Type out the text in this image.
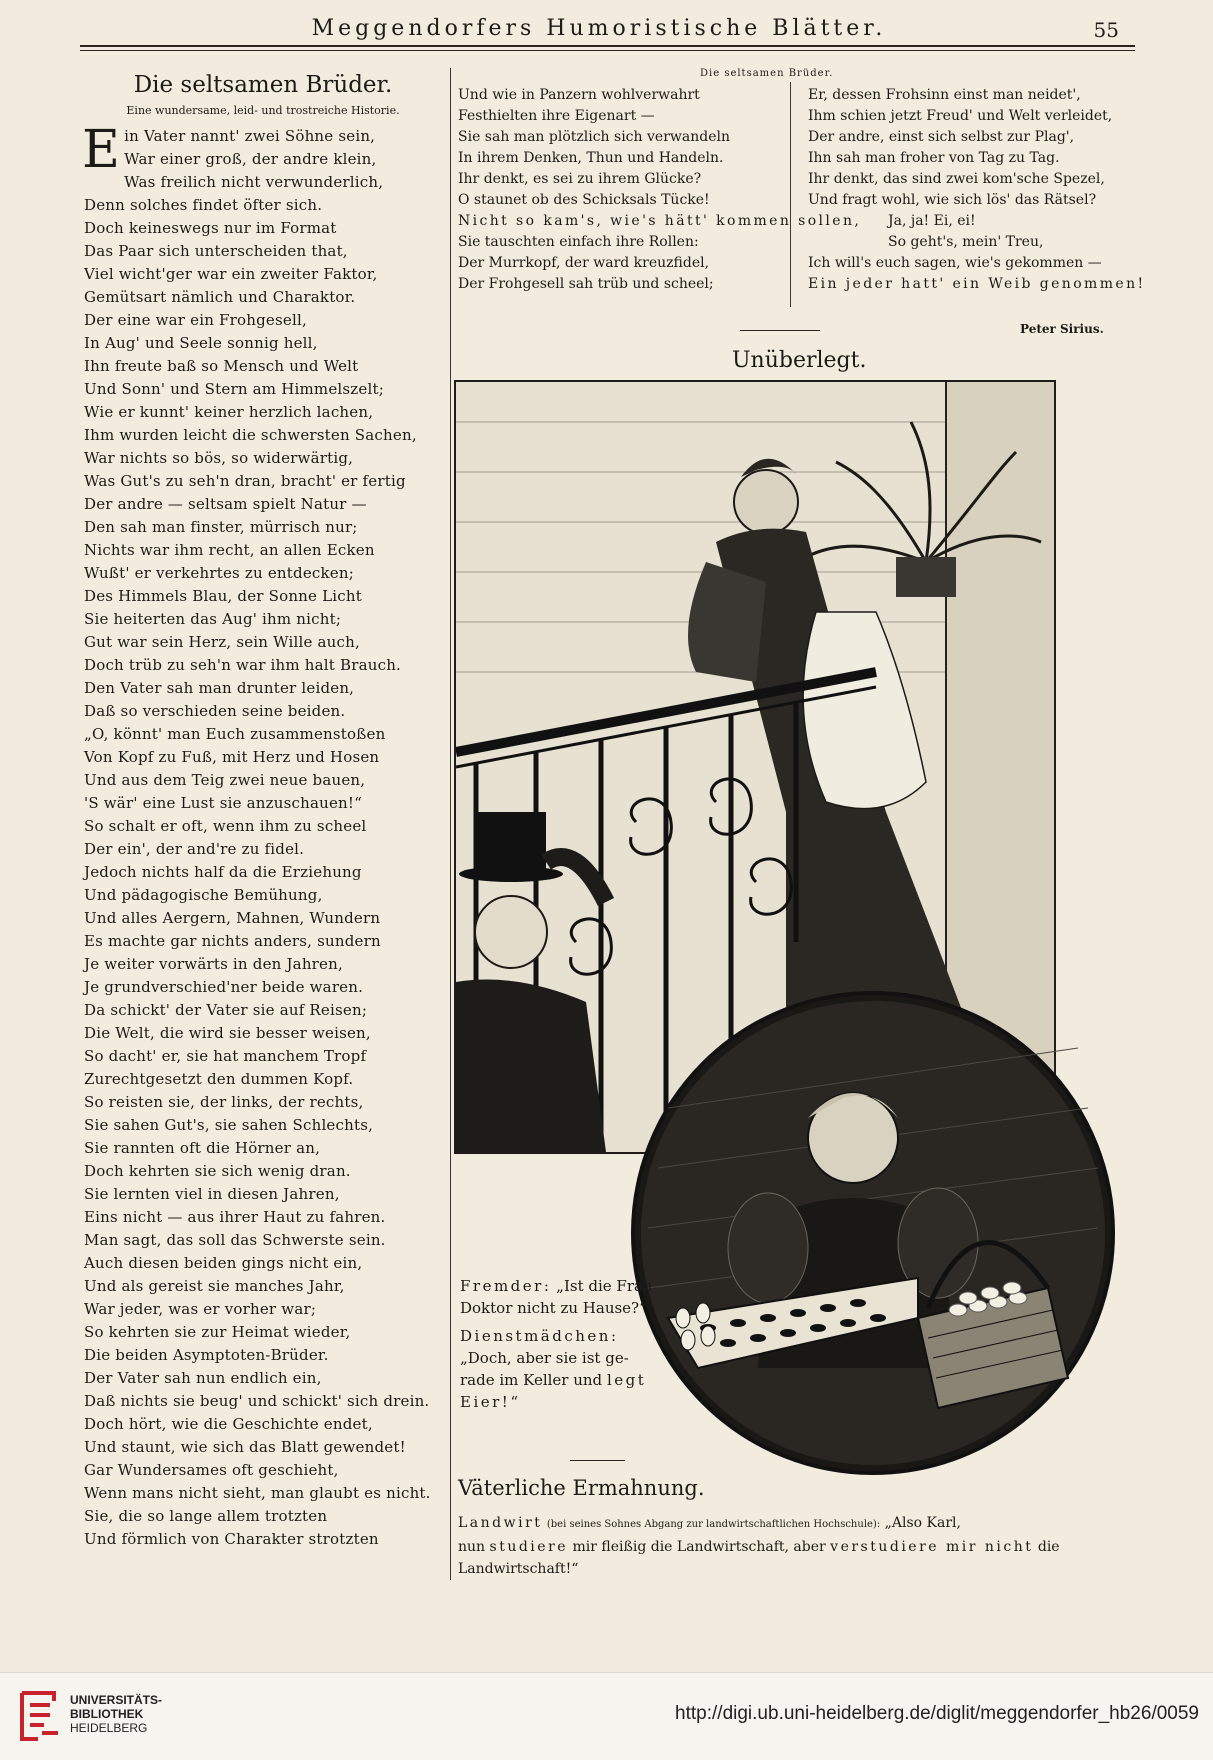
Meggendorfers Humoristische Blätter.	55
Die seltsamen Brüder.
Eine wundersame, leid- und trostreiche Historie.
Ein Vater nannt' zwei Söhne sein,
War einer groß, der andre klein,
Was freilich nicht verwunderlich,
Denn solches findet öfter sich.
Doch keineswegs nur im Format
Das Paar sich unterscheiden that,
Viel wicht'ger war ein zweiter Faktor,
Gemütsart nämlich und Charaktor.
Der eine war ein Frohgesell,
In Aug' und Seele sonnig hell,
Ihn freute baß so Mensch und Welt
Und Sonn' und Stern am Himmelszelt;
Wie er kunnt' keiner herzlich lachen,
Ihm wurden leicht die schwersten Sachen,
War nichts so bös, so widerwärtig,
Was Gut's zu seh'n dran, bracht' er fertig
Der andre — seltsam spielt Natur —
Den sah man finster, mürrisch nur;
Nichts war ihm recht, an allen Ecken
Wußt' er verkehrtes zu entdecken;
Des Himmels Blau, der Sonne Licht
Sie heiterten das Aug' ihm nicht;
Gut war sein Herz, sein Wille auch,
Doch trüb zu seh'n war ihm halt Brauch.
Den Vater sah man drunter leiden,
Daß so verschieden seine beiden.
„O, könnt' man Euch zusammenstoßen
Von Kopf zu Fuß, mit Herz und Hosen
Und aus dem Teig zwei neue bauen,
'S wär' eine Lust sie anzuschauen!“
So schalt er oft, wenn ihm zu scheel
Der ein', der and're zu fidel.
Jedoch nichts half da die Erziehung
Und pädagogische Bemühung,
Und alles Aergern, Mahnen, Wundern
Es machte gar nichts anders, sundern
Je weiter vorwärts in den Jahren,
Je grundverschied'ner beide waren.
Da schickt' der Vater sie auf Reisen;
Die Welt, die wird sie besser weisen,
So dacht' er, sie hat manchem Tropf
Zurechtgesetzt den dummen Kopf.
So reisten sie, der links, der rechts,
Sie sahen Gut's, sie sahen Schlechts,
Sie rannten oft die Hörner an,
Doch kehrten sie sich wenig dran.
Sie lernten viel in diesen Jahren,
Eins nicht — aus ihrer Haut zu fahren.
Man sagt, das soll das Schwerste sein.
Auch diesen beiden gings nicht ein,
Und als gereist sie manches Jahr,
War jeder, was er vorher war;
So kehrten sie zur Heimat wieder,
Die beiden Asymptoten-Brüder.
Der Vater sah nun endlich ein,
Daß nichts sie beug' und schickt' sich drein.
Doch hört, wie die Geschichte endet,
Und staunt, wie sich das Blatt gewendet!
Gar Wundersames oft geschieht,
Wenn mans nicht sieht, man glaubt es nicht.
Sie, die so lange allem trotzten
Und förmlich von Charakter strotzten
Die seltsamen Brüder.
Und wie in Panzern wohlverwahrt
Festhielten ihre Eigenart —
Sie sah man plötzlich sich verwandeln
In ihrem Denken, Thun und Handeln.
Ihr denkt, es sei zu ihrem Glücke?
O staunet ob des Schicksals Tücke!
Nicht so kam's, wie's hätt' kommen sollen,
Sie tauschten einfach ihre Rollen:
Der Murrkopf, der ward kreuzfidel,
Der Frohgesell sah trüb und scheel;
Er, dessen Frohsinn einst man neidet',
Ihm schien jetzt Freud' und Welt verleidet,
Der andre, einst sich selbst zur Plag',
Ihn sah man froher von Tag zu Tag.
Ihr denkt, das sind zwei kom'sche Spezel,
Und fragt wohl, wie sich lös' das Rätsel?
Ja, ja! Ei, ei!
So geht's, mein' Treu,
Ich will's euch sagen, wie's gekommen —
Ein jeder hatt' ein Weib genommen!
Peter Sirius.
Unüberlegt.

Fremder: „Ist die Frau Doktor nicht zu Hause?“

Dienstmädchen: „Doch, aber sie ist ge-rade im Keller und legt Eier!“

Väterliche Ermahnung.
Landwirt (bei seines Sohnes Abgang zur landwirtschaftlichen Hochschule): „Also Karl,
nun studiere mir fleißig die Landwirtschaft, aber verstudiere mir nicht die
Landwirtschaft!“
UNIVERSITÄTS-
BIBLIOTHEK
HEIDELBERG
http://digi.ub.uni-heidelberg.de/diglit/meggendorfer_hb26/0059
